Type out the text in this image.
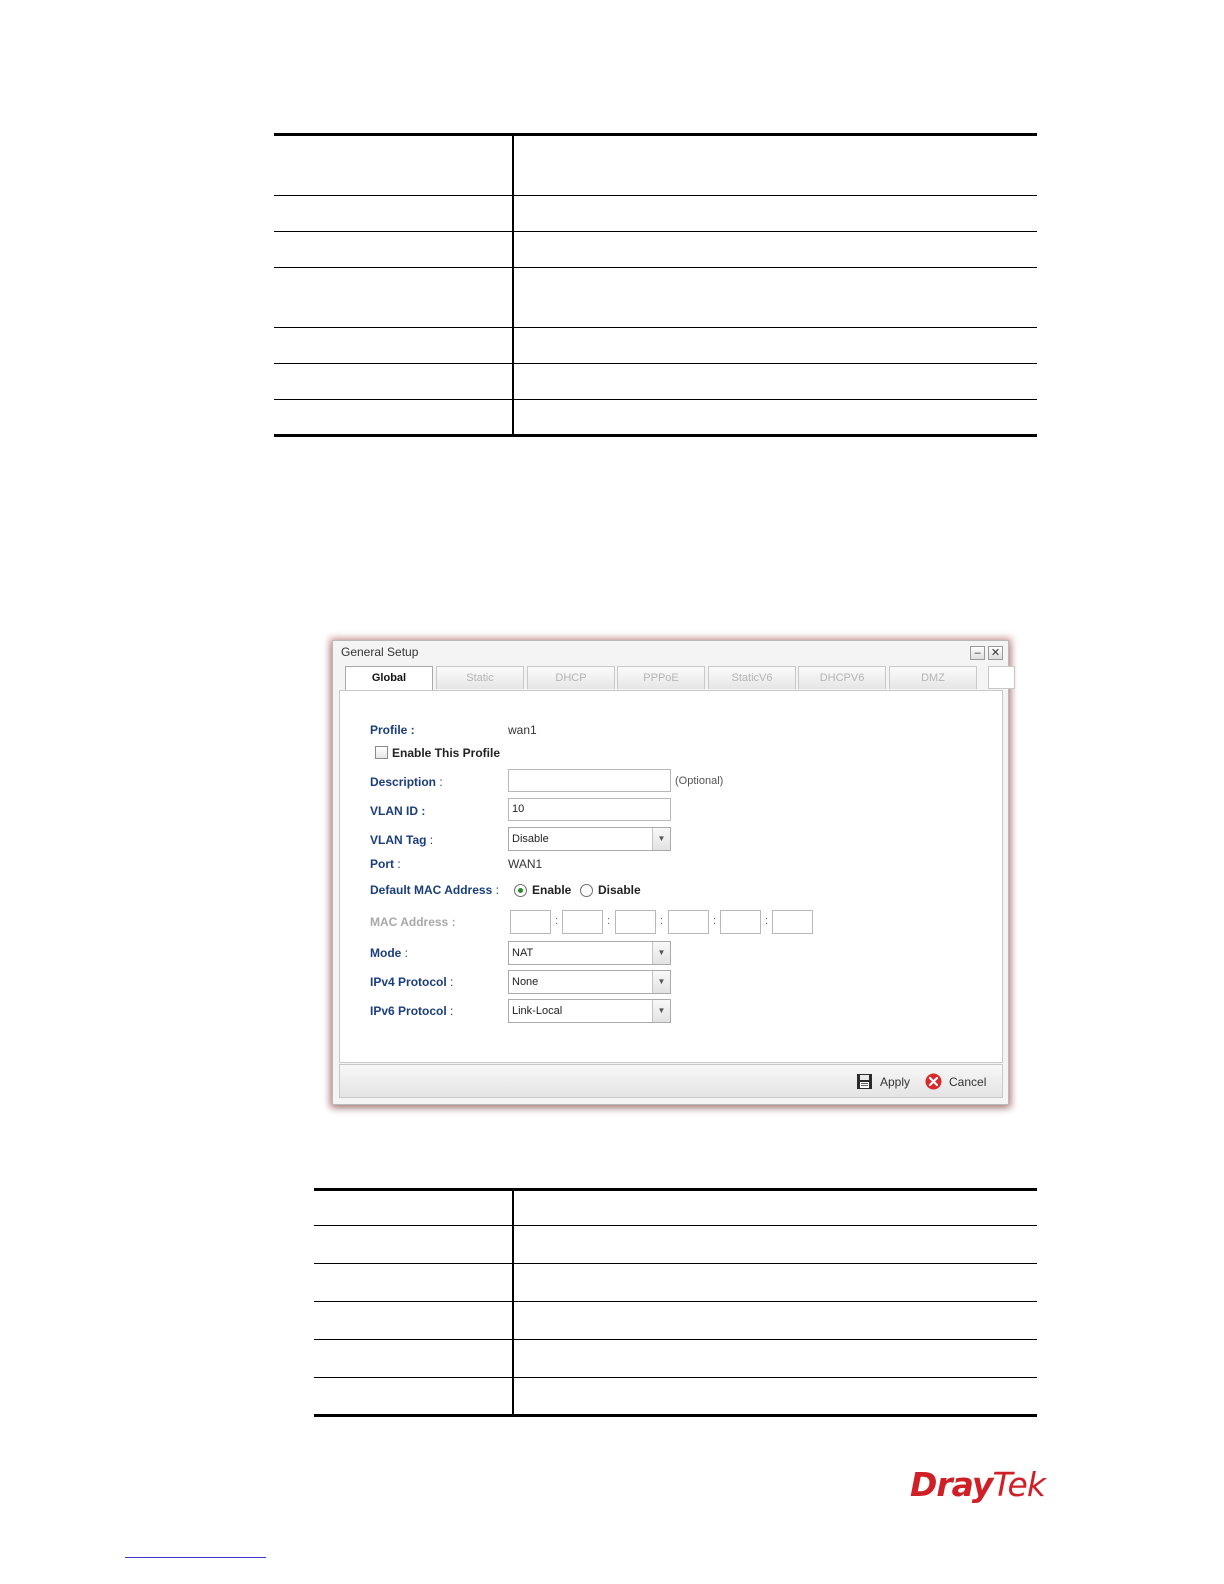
General Setup	– ✕
Global	Static	DHCP	PPPoE	StaticV6	DHCPV6	DMZ
Profile :	wan1
Enable This Profile
Description :	(Optional)
VLAN ID :	10
VLAN Tag :	Disable	▼
Port :	WAN1
Default MAC Address :	Enable Disable
MAC Address :	:	:	:	:	:
Mode :	NAT	▼
IPv4 Protocol :	None	▼
IPv6 Protocol :	Link-Local	▼
Apply	Cancel

DrayTek
